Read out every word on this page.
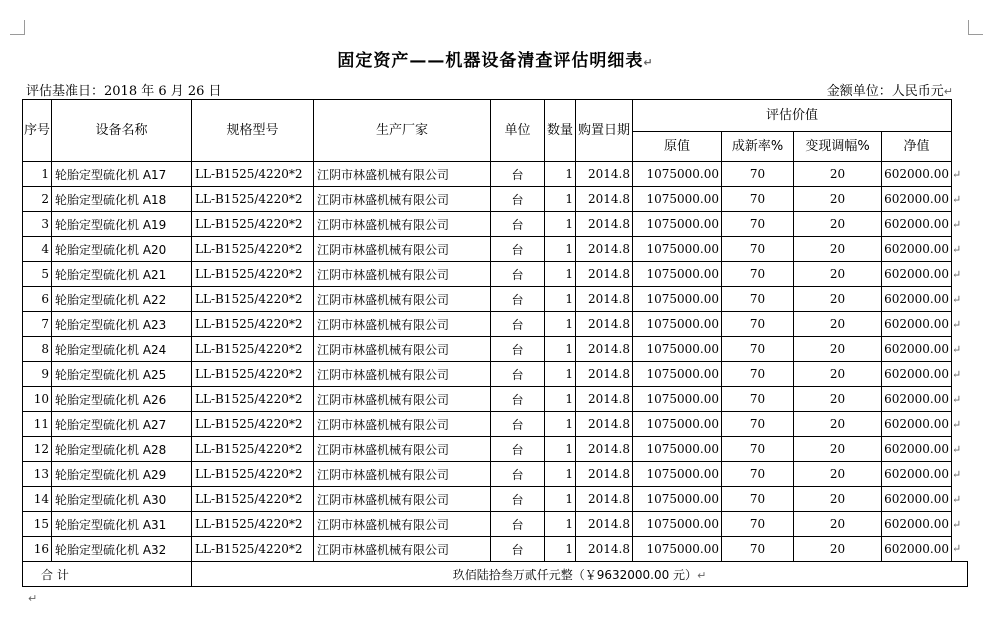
固定资产——机器设备清查评估明细表↵
评估基准日：2018 年 6 月 26 日	金额单位：人民币元↵
序号	设备名称	规格型号	生产厂家	单位	数量	购置日期	评估价值				
							原值	成新率%	变现调幅%	净值	
1	轮胎定型硫化机 A17	LL-B1525/4220*2	江阴市林盛机械有限公司	台	1	2014.8	1075000.00	70	20	602000.00	↵
2	轮胎定型硫化机 A18	LL-B1525/4220*2	江阴市林盛机械有限公司	台	1	2014.8	1075000.00	70	20	602000.00	↵
3	轮胎定型硫化机 A19	LL-B1525/4220*2	江阴市林盛机械有限公司	台	1	2014.8	1075000.00	70	20	602000.00	↵
4	轮胎定型硫化机 A20	LL-B1525/4220*2	江阴市林盛机械有限公司	台	1	2014.8	1075000.00	70	20	602000.00	↵
5	轮胎定型硫化机 A21	LL-B1525/4220*2	江阴市林盛机械有限公司	台	1	2014.8	1075000.00	70	20	602000.00	↵
6	轮胎定型硫化机 A22	LL-B1525/4220*2	江阴市林盛机械有限公司	台	1	2014.8	1075000.00	70	20	602000.00	↵
7	轮胎定型硫化机 A23	LL-B1525/4220*2	江阴市林盛机械有限公司	台	1	2014.8	1075000.00	70	20	602000.00	↵
8	轮胎定型硫化机 A24	LL-B1525/4220*2	江阴市林盛机械有限公司	台	1	2014.8	1075000.00	70	20	602000.00	↵
9	轮胎定型硫化机 A25	LL-B1525/4220*2	江阴市林盛机械有限公司	台	1	2014.8	1075000.00	70	20	602000.00	↵
10	轮胎定型硫化机 A26	LL-B1525/4220*2	江阴市林盛机械有限公司	台	1	2014.8	1075000.00	70	20	602000.00	↵
11	轮胎定型硫化机 A27	LL-B1525/4220*2	江阴市林盛机械有限公司	台	1	2014.8	1075000.00	70	20	602000.00	↵
12	轮胎定型硫化机 A28	LL-B1525/4220*2	江阴市林盛机械有限公司	台	1	2014.8	1075000.00	70	20	602000.00	↵
13	轮胎定型硫化机 A29	LL-B1525/4220*2	江阴市林盛机械有限公司	台	1	2014.8	1075000.00	70	20	602000.00	↵
14	轮胎定型硫化机 A30	LL-B1525/4220*2	江阴市林盛机械有限公司	台	1	2014.8	1075000.00	70	20	602000.00	↵
15	轮胎定型硫化机 A31	LL-B1525/4220*2	江阴市林盛机械有限公司	台	1	2014.8	1075000.00	70	20	602000.00	↵
16	轮胎定型硫化机 A32	LL-B1525/4220*2	江阴市林盛机械有限公司	台	1	2014.8	1075000.00	70	20	602000.00	↵
合 计		玖佰陆拾叁万贰仟元整（￥9632000.00 元）↵									
↵
